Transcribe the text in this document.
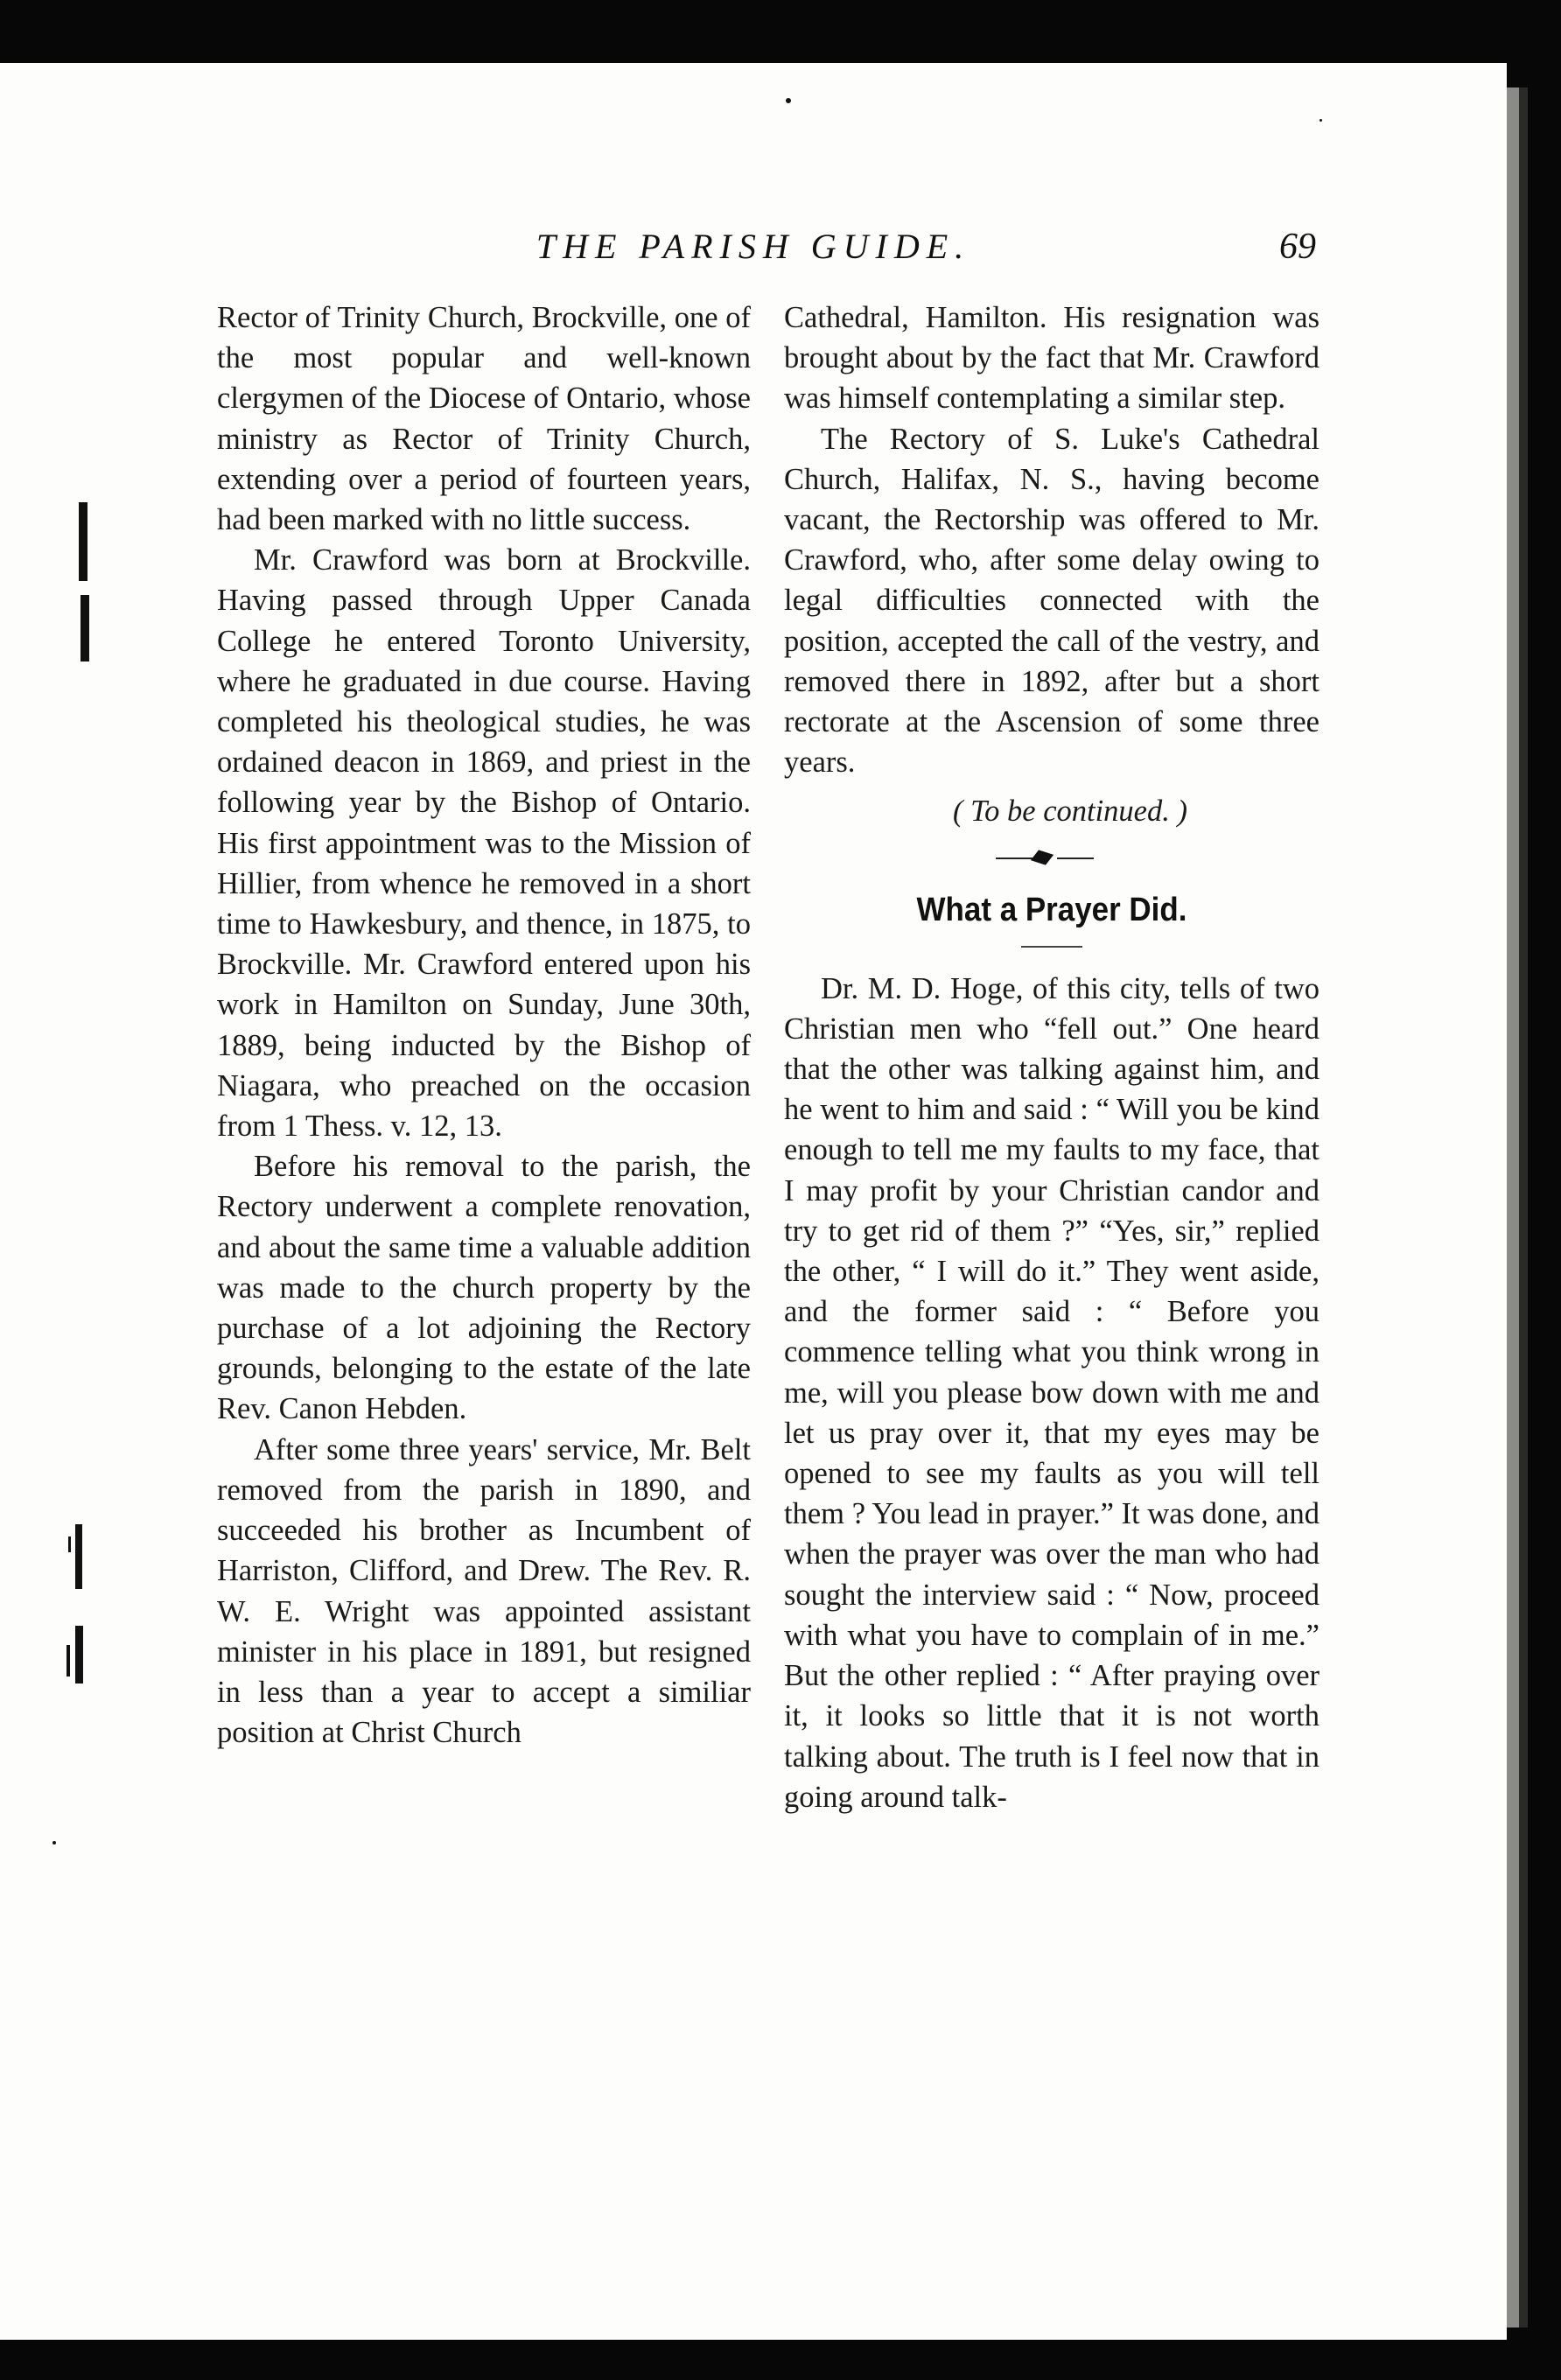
THE PARISH GUIDE.	69

Rector of Trinity Church, Brockville, one of the most popular and well-known clergymen of the Diocese of Ontario, whose ministry as Rector of Trinity Church, extending over a period of fourteen years, had been marked with no little success.

Mr. Crawford was born at Brockville. Having passed through Upper Canada College he entered Toronto University, where he graduated in due course. Having completed his theological studies, he was ordained deacon in 1869, and priest in the following year by the Bishop of Ontario. His first appointment was to the Mission of Hillier, from whence he removed in a short time to Hawkesbury, and thence, in 1875, to Brockville. Mr. Crawford entered upon his work in Hamilton on Sunday, June 30th, 1889, being inducted by the Bishop of Niagara, who preached on the occasion from 1 Thess. v. 12, 13.

Before his removal to the parish, the Rectory underwent a complete renovation, and about the same time a valuable addition was made to the church property by the purchase of a lot adjoining the Rectory grounds, belonging to the estate of the late Rev. Canon Hebden.

After some three years' service, Mr. Belt removed from the parish in 1890, and succeeded his brother as Incumbent of Harriston, Clifford, and Drew. The Rev. R. W. E. Wright was appointed assistant minister in his place in 1891, but resigned in less than a year to accept a similiar position at Christ Church

Cathedral, Hamilton. His resignation was brought about by the fact that Mr. Crawford was himself contemplating a similar step.

The Rectory of S. Luke's Cathedral Church, Halifax, N. S., having become vacant, the Rectorship was offered to Mr. Crawford, who, after some delay owing to legal difficulties connected with the position, accepted the call of the vestry, and removed there in 1892, after but a short rectorate at the Ascension of some three years.

( To be continued. )

What a Prayer Did.

Dr. M. D. Hoge, of this city, tells of two Christian men who “fell out.” One heard that the other was talking against him, and he went to him and said : “ Will you be kind enough to tell me my faults to my face, that I may profit by your Christian candor and try to get rid of them ?” “Yes, sir,” replied the other, “ I will do it.” They went aside, and the former said : “ Before you commence telling what you think wrong in me, will you please bow down with me and let us pray over it, that my eyes may be opened to see my faults as you will tell them ? You lead in prayer.” It was done, and when the prayer was over the man who had sought the interview said : “ Now, proceed with what you have to complain of in me.” But the other replied : “ After praying over it, it looks so little that it is not worth talking about. The truth is I feel now that in going around talk-
